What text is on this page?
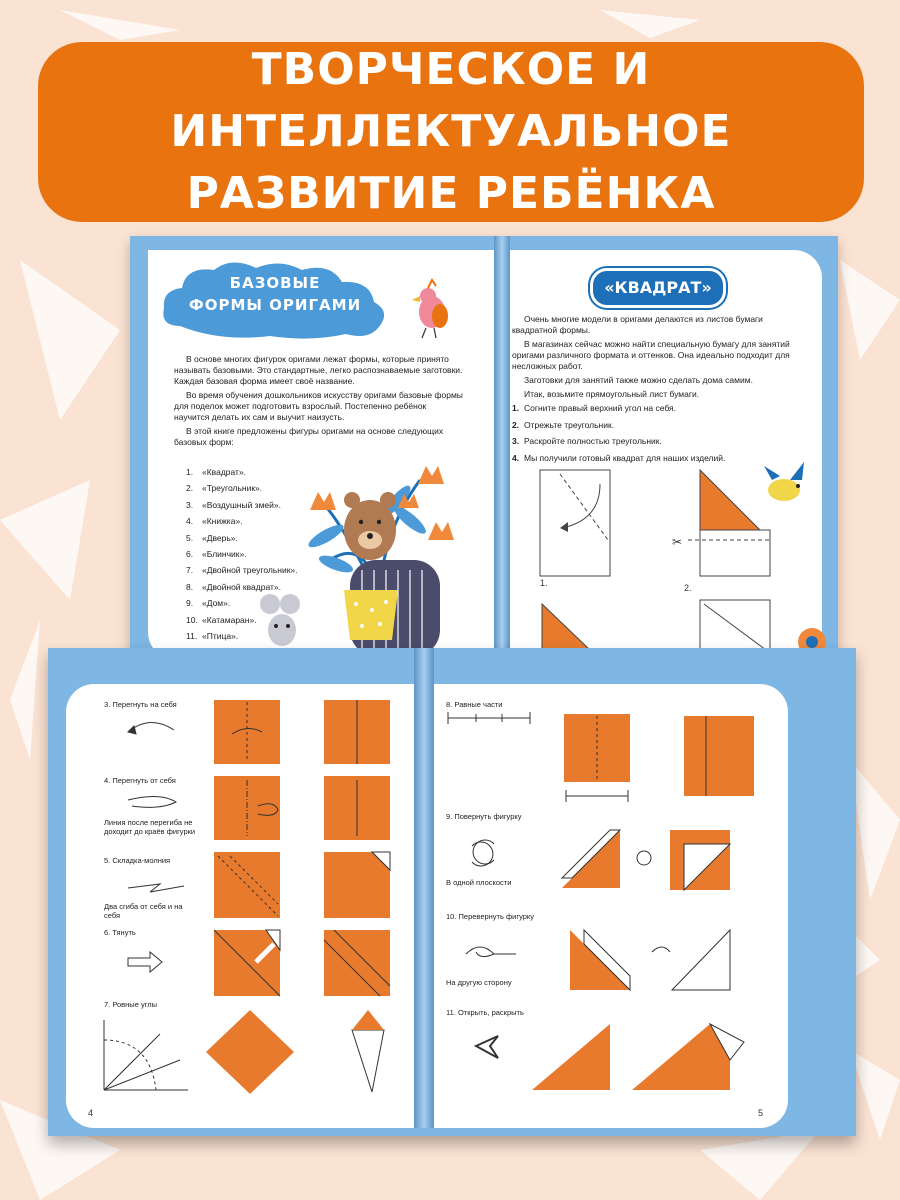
ТВОРЧЕСКОЕ И ИНТЕЛЛЕКТУАЛЬНОЕ
РАЗВИТИЕ РЕБЁНКА
БАЗОВЫЕ
ФОРМЫ ОРИГАМИ

В основе многих фигурок оригами лежат формы, которые принято называть базовыми. Это стандартные, легко распознаваемые заготовки. Каждая базовая форма имеет своё название.

Во время обучения дошкольников искусству оригами базовые формы для поделок может подготовить взрослый. Постепенно ребёнок научится делать их сам и выучит наизусть.

В этой книге предложены фигуры оригами на основе следующих базовых форм:

1. «Квадрат».
2. «Треугольник».
3. «Воздушный змей».
4. «Книжка».
5. «Дверь».
6. «Блинчик».
7. «Двойной треугольник».
8. «Двойной квадрат».
9. «Дом».
10. «Катамаран».
11. «Птица».
«КВАДРАТ»

Очень многие модели в оригами делаются из листов бумаги квадратной формы.

В магазинах сейчас можно найти специальную бумагу для занятий оригами различного формата и оттенков. Она идеально подходит для несложных работ.

Заготовки для занятий также можно сделать дома самим.

Итак, возьмите прямоугольный лист бумаги.

1. Согните правый верхний угол на себя.
2. Отрежьте треугольник.
3. Раскройте полностью треугольник.
4. Мы получили готовый квадрат для наших изделий.
✂
1.	2.
3. Перегнуть на себя
4. Перегнуть от себя
Линия после перегиба не доходит до краёв фигурки
5. Складка-молния
Два сгиба от себя и на себя
6. Тянуть
7. Ровные углы
4
8. Равные части
9. Повернуть фигурку
В одной плоскости
10. Перевернуть фигурку
На другую сторону
11. Открыть, раскрыть
5
